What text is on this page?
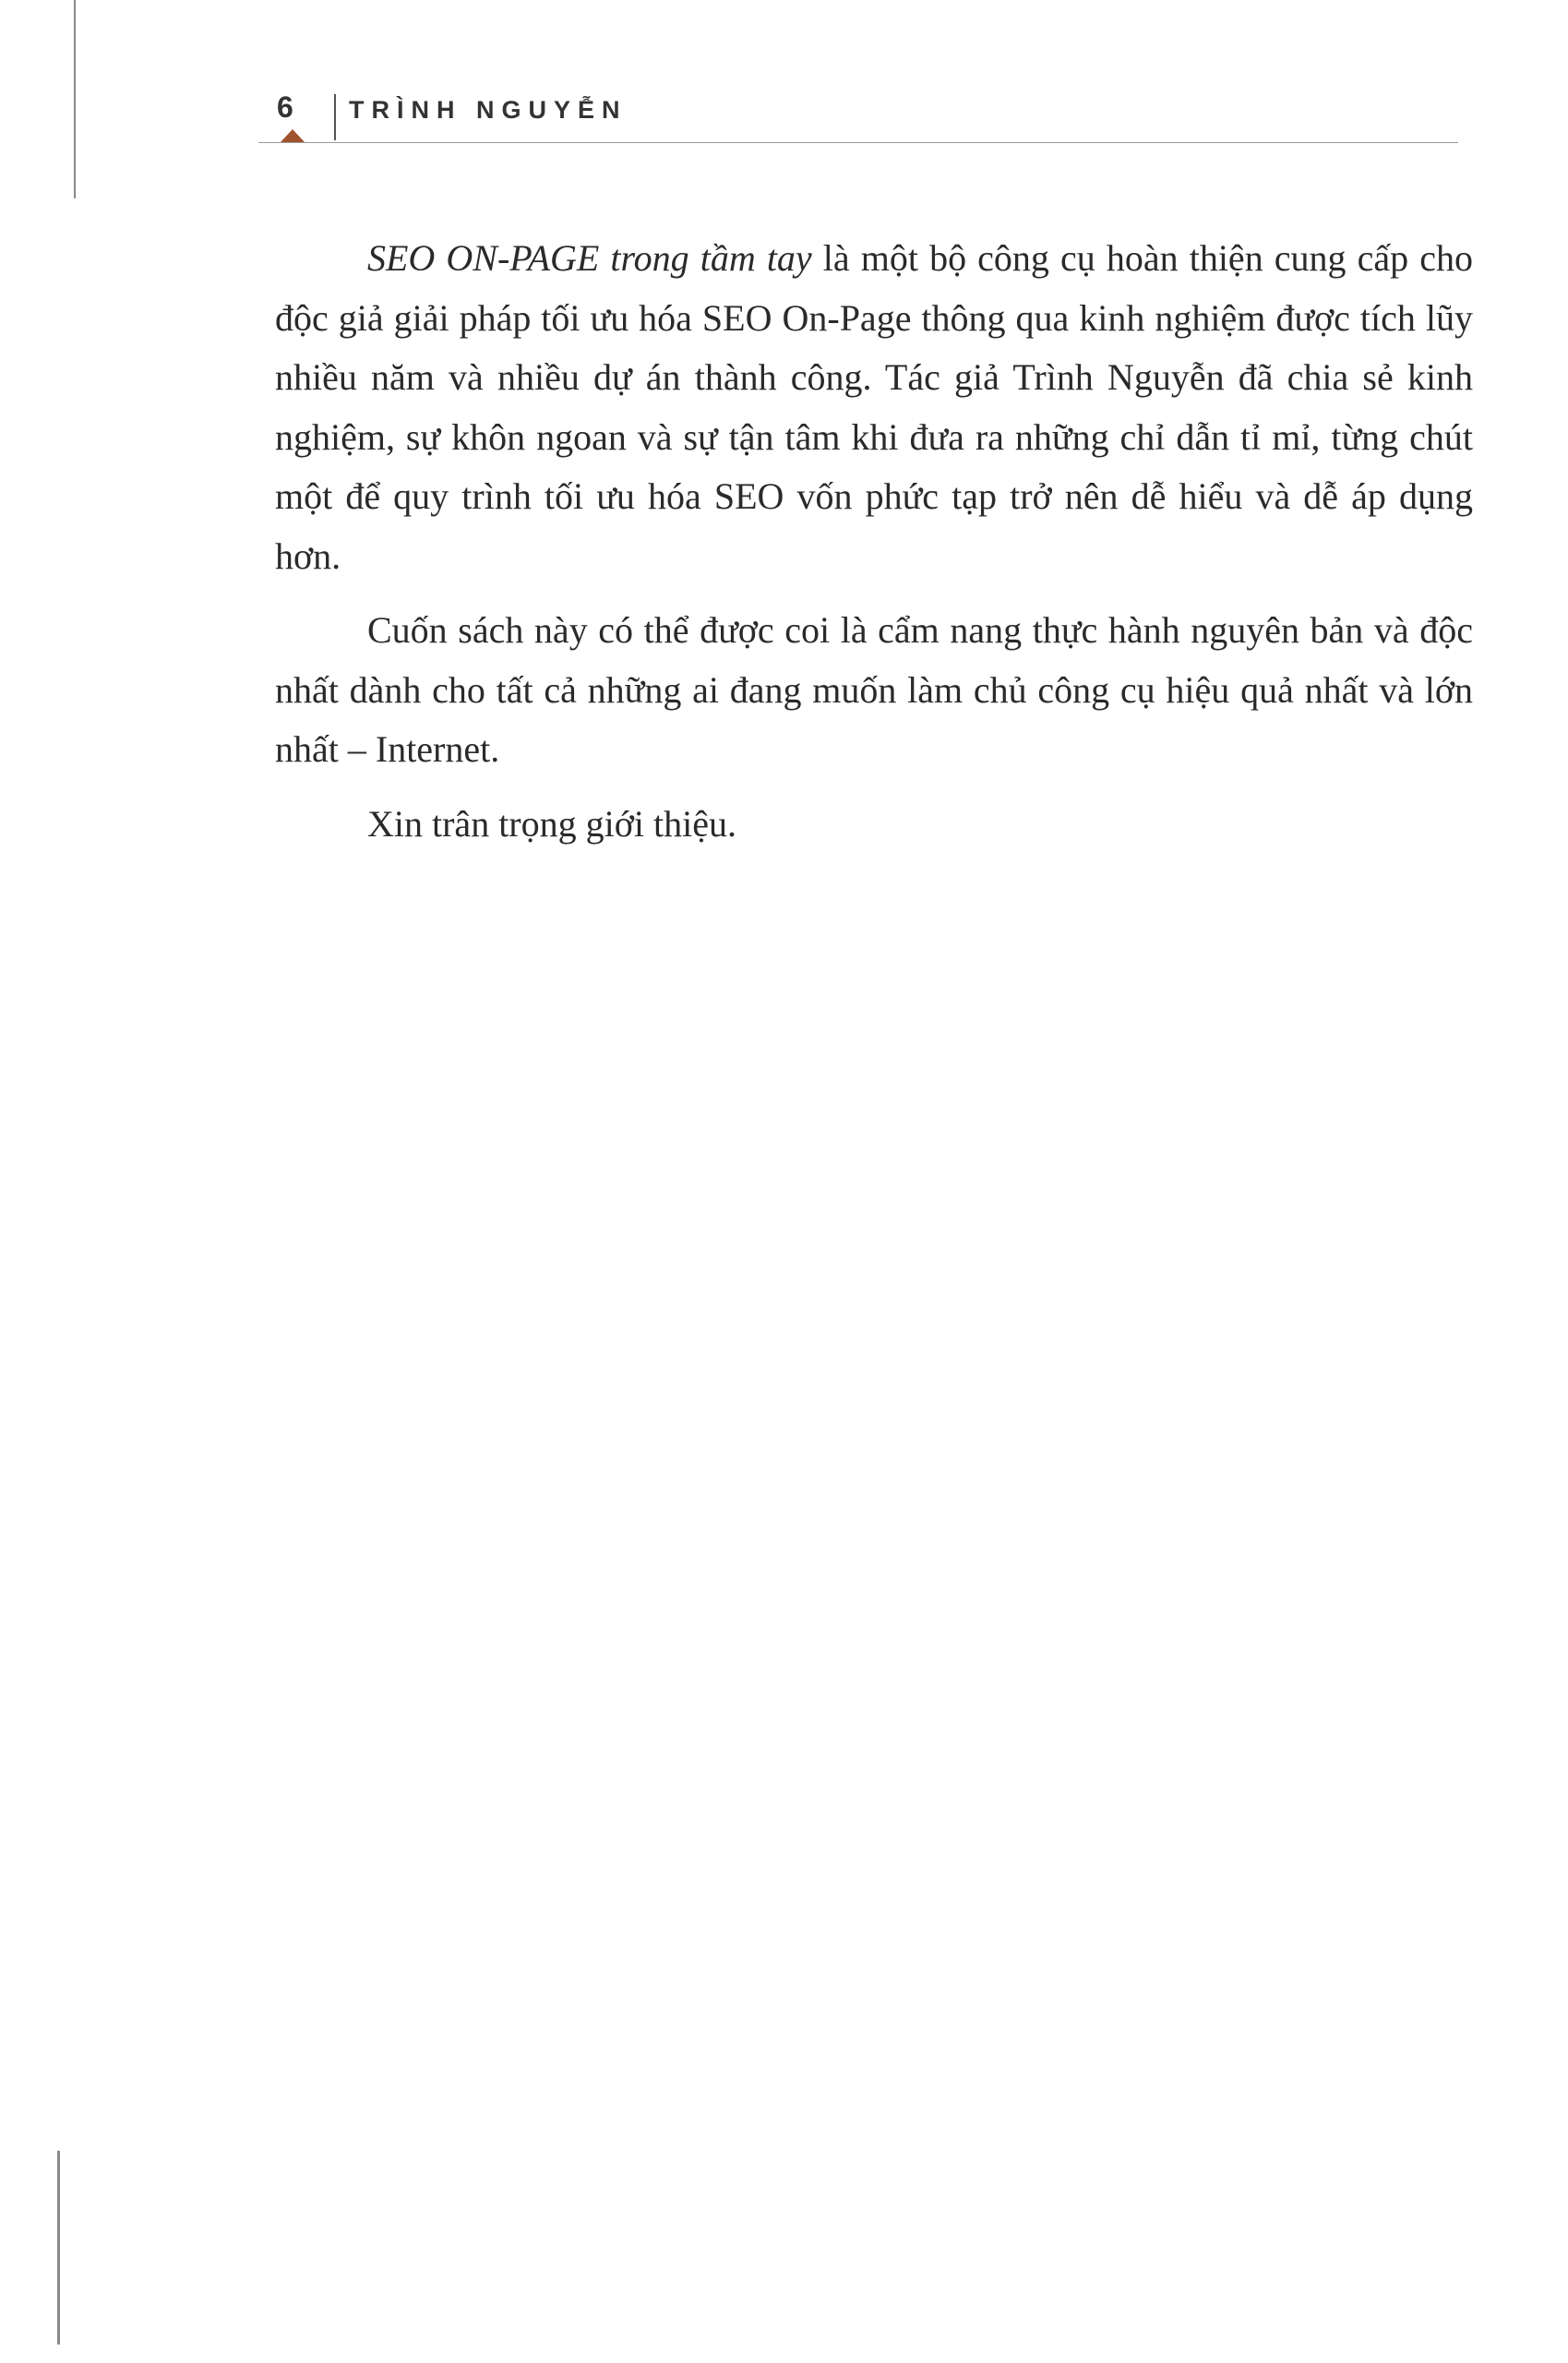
6 TRÌNH NGUYỄN

SEO ON-PAGE trong tầm tay là một bộ công cụ hoàn thiện cung cấp cho độc giả giải pháp tối ưu hóa SEO On-Page thông qua kinh nghiệm được tích lũy nhiều năm và nhiều dự án thành công. Tác giả Trình Nguyễn đã chia sẻ kinh nghiệm, sự khôn ngoan và sự tận tâm khi đưa ra những chỉ dẫn tỉ mỉ, từng chút một để quy trình tối ưu hóa SEO vốn phức tạp trở nên dễ hiểu và dễ áp dụng hơn.

Cuốn sách này có thể được coi là cẩm nang thực hành nguyên bản và độc nhất dành cho tất cả những ai đang muốn làm chủ công cụ hiệu quả nhất và lớn nhất – Internet.

Xin trân trọng giới thiệu.
